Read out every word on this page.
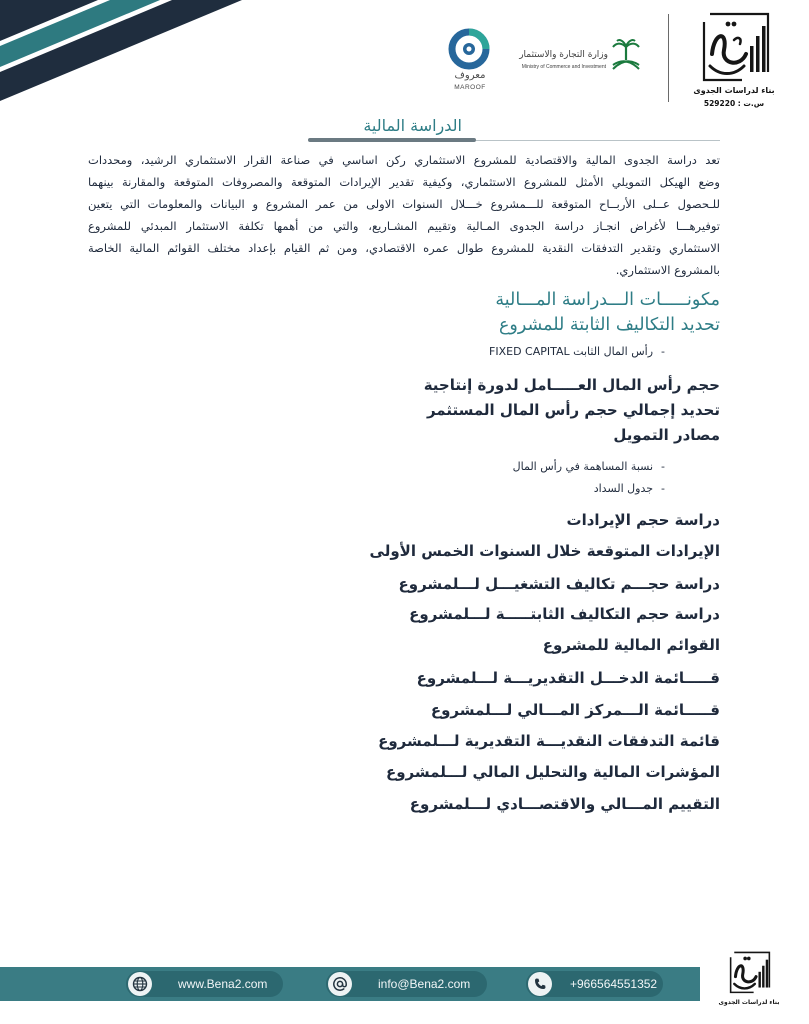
بناء لدراسات الجدوى
س.ت : 529220
وزارة التجارة والاستثمار
Ministry of Commerce and Investment
معروف
MAROOF
الدراسة المالية
تعد دراسة الجدوى المالية والاقتصادية للمشروع الاستثماري ركن اساسي في صناعة القرار الاستثماري الرشيد، ومحددات
وضع الهيكل التمويلي الأمثل للمشروع الاستثماري، وكيفية تقدير الإيرادات المتوقعة والمصروفات المتوقعة والمقارنة بينهما
للـحصول عــلى الأربــاح المتوقعة للـــمشروع خـــلال السنوات الاولى من عمر المشروع و البيانات والمعلومات التي يتعين
توفيرهـــا لأغراض انجـاز دراسة الجدوى المـالية وتقييم المشـاريع، والتي من أهمها تكلفة الاستثمار المبدئي للمشروع
الاستثماري وتقدير التدفقات النقدية للمشروع طوال عمره الاقتصادي، ومن ثم القيام بإعداد مختلف القوائم المالية الخاصة
بالمشروع الاستثماري.
مكونـــــات الـــدراسة المـــالية
تحديد التكاليف الثابتة للمشروع
-رأس المال الثابت FIXED CAPITAL
حجم رأس المال العـــــامل لدورة إنتاجية
تحديد إجمالي حجم رأس المال المستثمر
مصادر التمويل
-نسبة المساهمة في رأس المال
-جدول السداد
دراسة حجم الإيرادات
الإيرادات المتوقعة خلال السنوات الخمس الأولى
دراسة حجـــم تكاليف التشغيـــل لـــلمشروع
دراسة حجم التكاليف الثابتـــــة لـــلمشروع
القوائم المالية للمشروع
قـــــائمة الدخـــل التقديريـــة لـــلمشروع
قـــــائمة الـــمركز المـــالي لـــلمشروع
قائمة التدفقات النقديـــة التقديرية لـــلمشروع
المؤشرات المالية والتحليل المالي لـــلمشروع
التقييم المـــالي والاقتصـــادي لـــلمشروع
www.Bena2.com	info@Bena2.com	+966564551352
بناء لدراسات الجدوى
